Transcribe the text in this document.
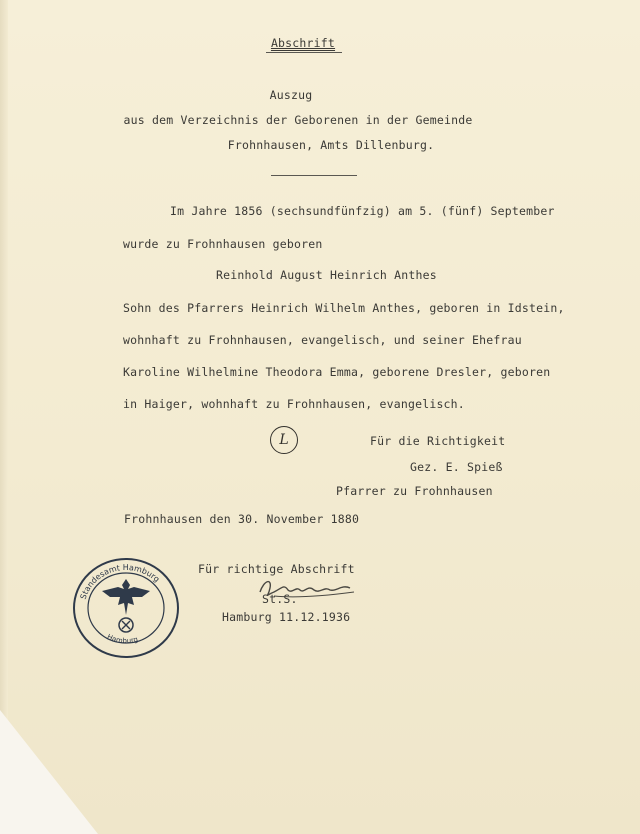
Abschrift
Auszug
aus dem Verzeichnis der Geborenen in der Gemeinde
Frohnhausen, Amts Dillenburg.
Im Jahre 1856 (sechsundfünfzig) am 5. (fünf) September
wurde zu Frohnhausen geboren
Reinhold August Heinrich Anthes
Sohn des Pfarrers Heinrich Wilhelm Anthes, geboren in Idstein,
wohnhaft zu Frohnhausen, evangelisch, und seiner Ehefrau
Karoline Wilhelmine Theodora Emma, geborene Dresler, geboren
in Haiger, wohnhaft zu Frohnhausen, evangelisch.
L	Für die Richtigkeit
Gez. E. Spieß
Pfarrer zu Frohnhausen
Frohnhausen den 30. November 1880
Für richtige Abschrift
St.S.
Hamburg 11.12.1936
Standesamt Hamburg
Hamburg
